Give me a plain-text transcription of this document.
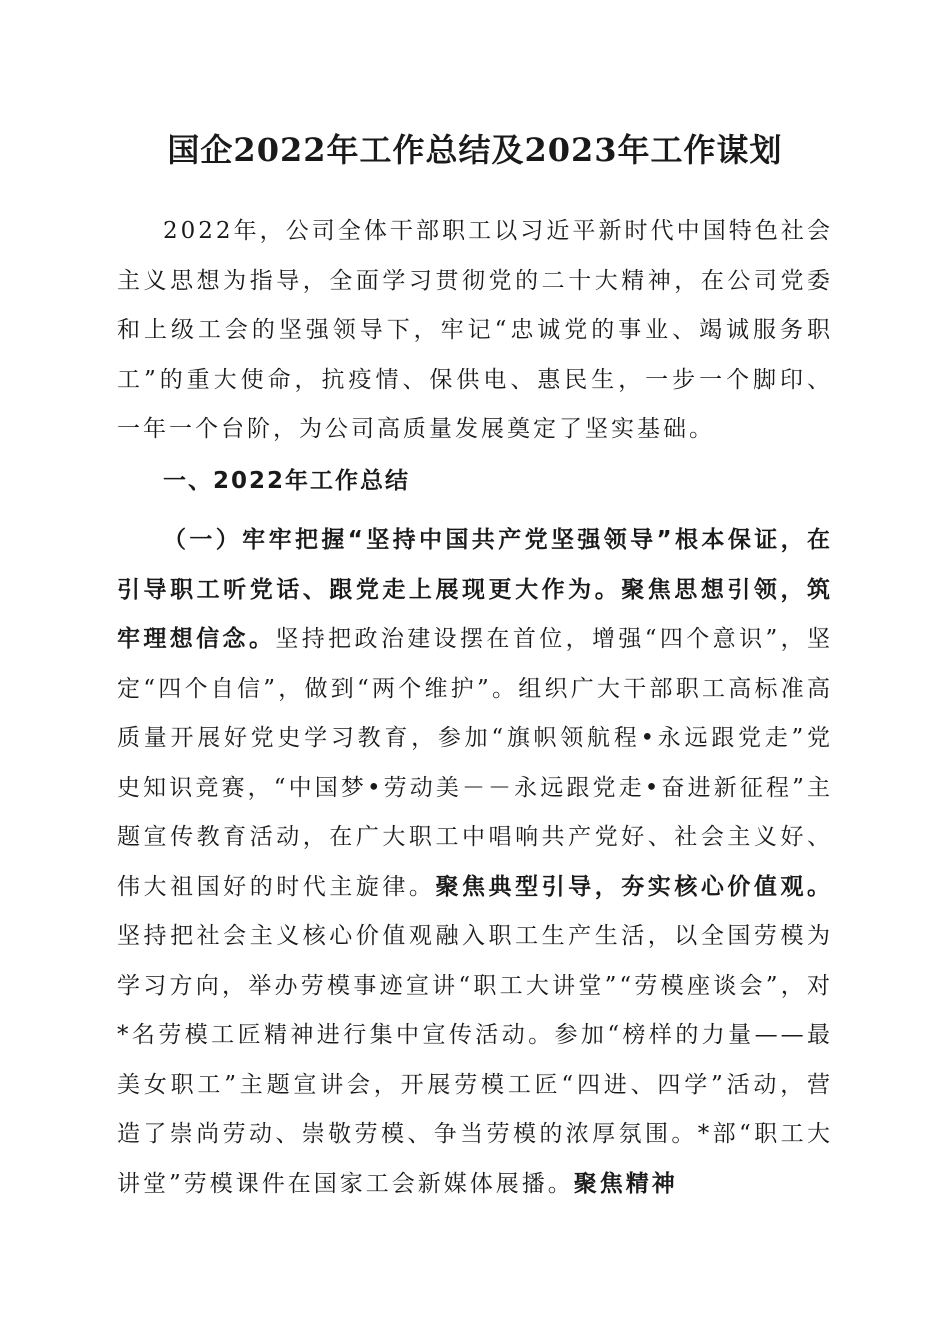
国企2022年工作总结及2023年工作谋划

2022年，公司全体干部职工以习近平新时代中国特色社会主义思想为指导，全面学习贯彻党的二十大精神，在公司党委和上级工会的坚强领导下，牢记“忠诚党的事业、竭诚服务职工”的重大使命，抗疫情、保供电、惠民生，一步一个脚印、一年一个台阶，为公司高质量发展奠定了坚实基础。

一、2022年工作总结

（一）牢牢把握“坚持中国共产党坚强领导”根本保证，在引导职工听党话、跟党走上展现更大作为。聚焦思想引领，筑牢理想信念。坚持把政治建设摆在首位，增强“四个意识”，坚定“四个自信”，做到“两个维护”。组织广大干部职工高标准高质量开展好党史学习教育，参加“旗帜领航程•永远跟党走”党史知识竞赛，“中国梦•劳动美－－永远跟党走•奋进新征程”主题宣传教育活动，在广大职工中唱响共产党好、社会主义好、伟大祖国好的时代主旋律。聚焦典型引导，夯实核心价值观。坚持把社会主义核心价值观融入职工生产生活，以全国劳模为学习方向，举办劳模事迹宣讲“职工大讲堂”“劳模座谈会”，对*名劳模工匠精神进行集中宣传活动。参加“榜样的力量——最美女职工”主题宣讲会，开展劳模工匠“四进、四学”活动，营造了崇尚劳动、崇敬劳模、争当劳模的浓厚氛围。*部“职工大讲堂”劳模课件在国家工会新媒体展播。聚焦精神
